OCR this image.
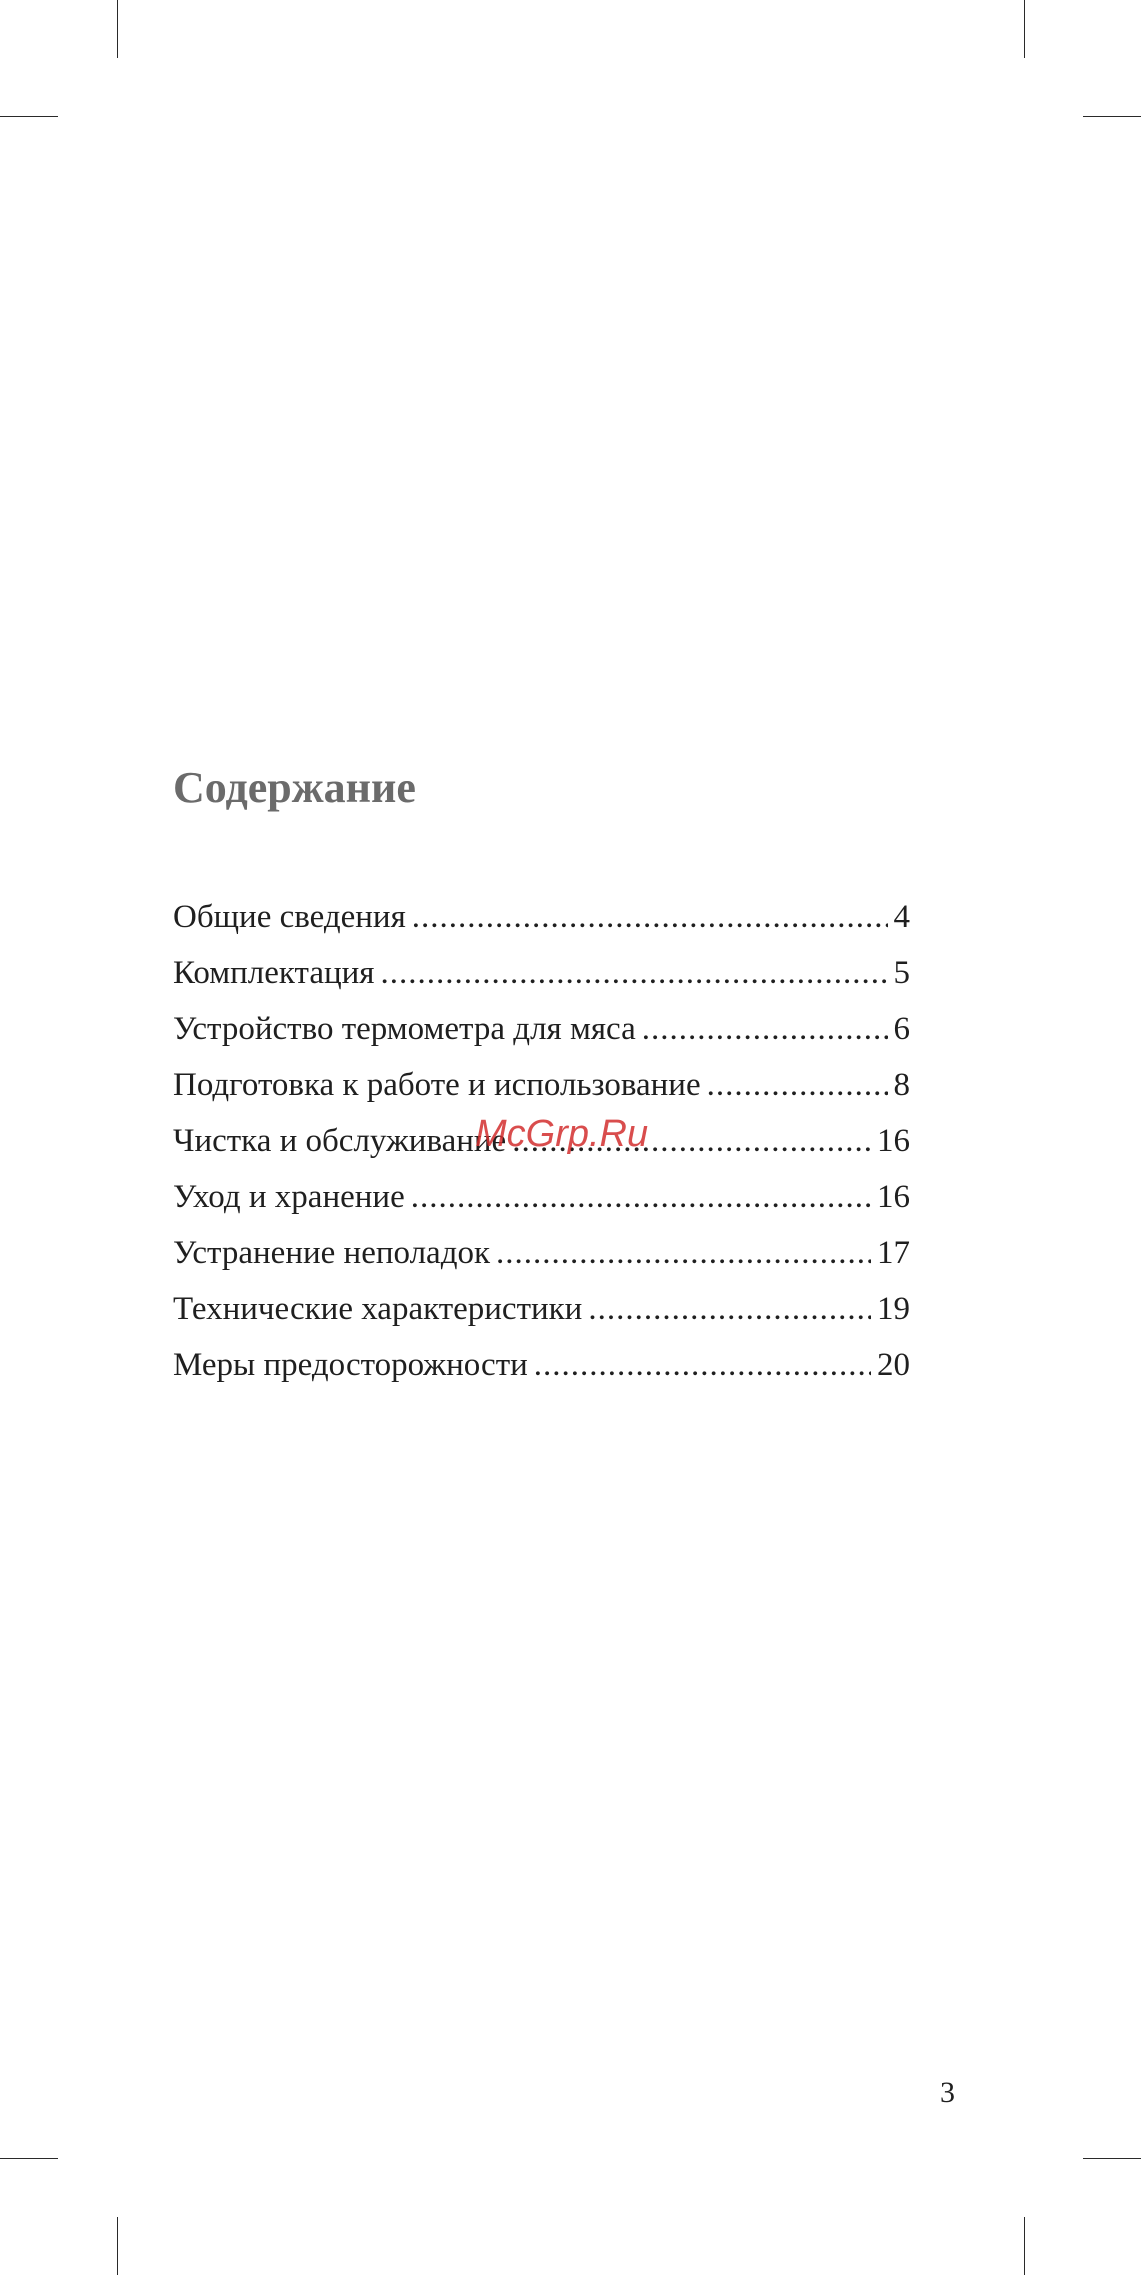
Содержание
Общие сведения .....	4
Комплектация .....	5
Устройство термометра для мяса .....	6
Подготовка к работе и использование .....	8
Чистка и обслуживание .....	16
Уход и хранение .....	16
Устранение неполадок .....	17
Технические характеристики .....	19
Меры предосторожности .....	20
McGrp.Ru
3
